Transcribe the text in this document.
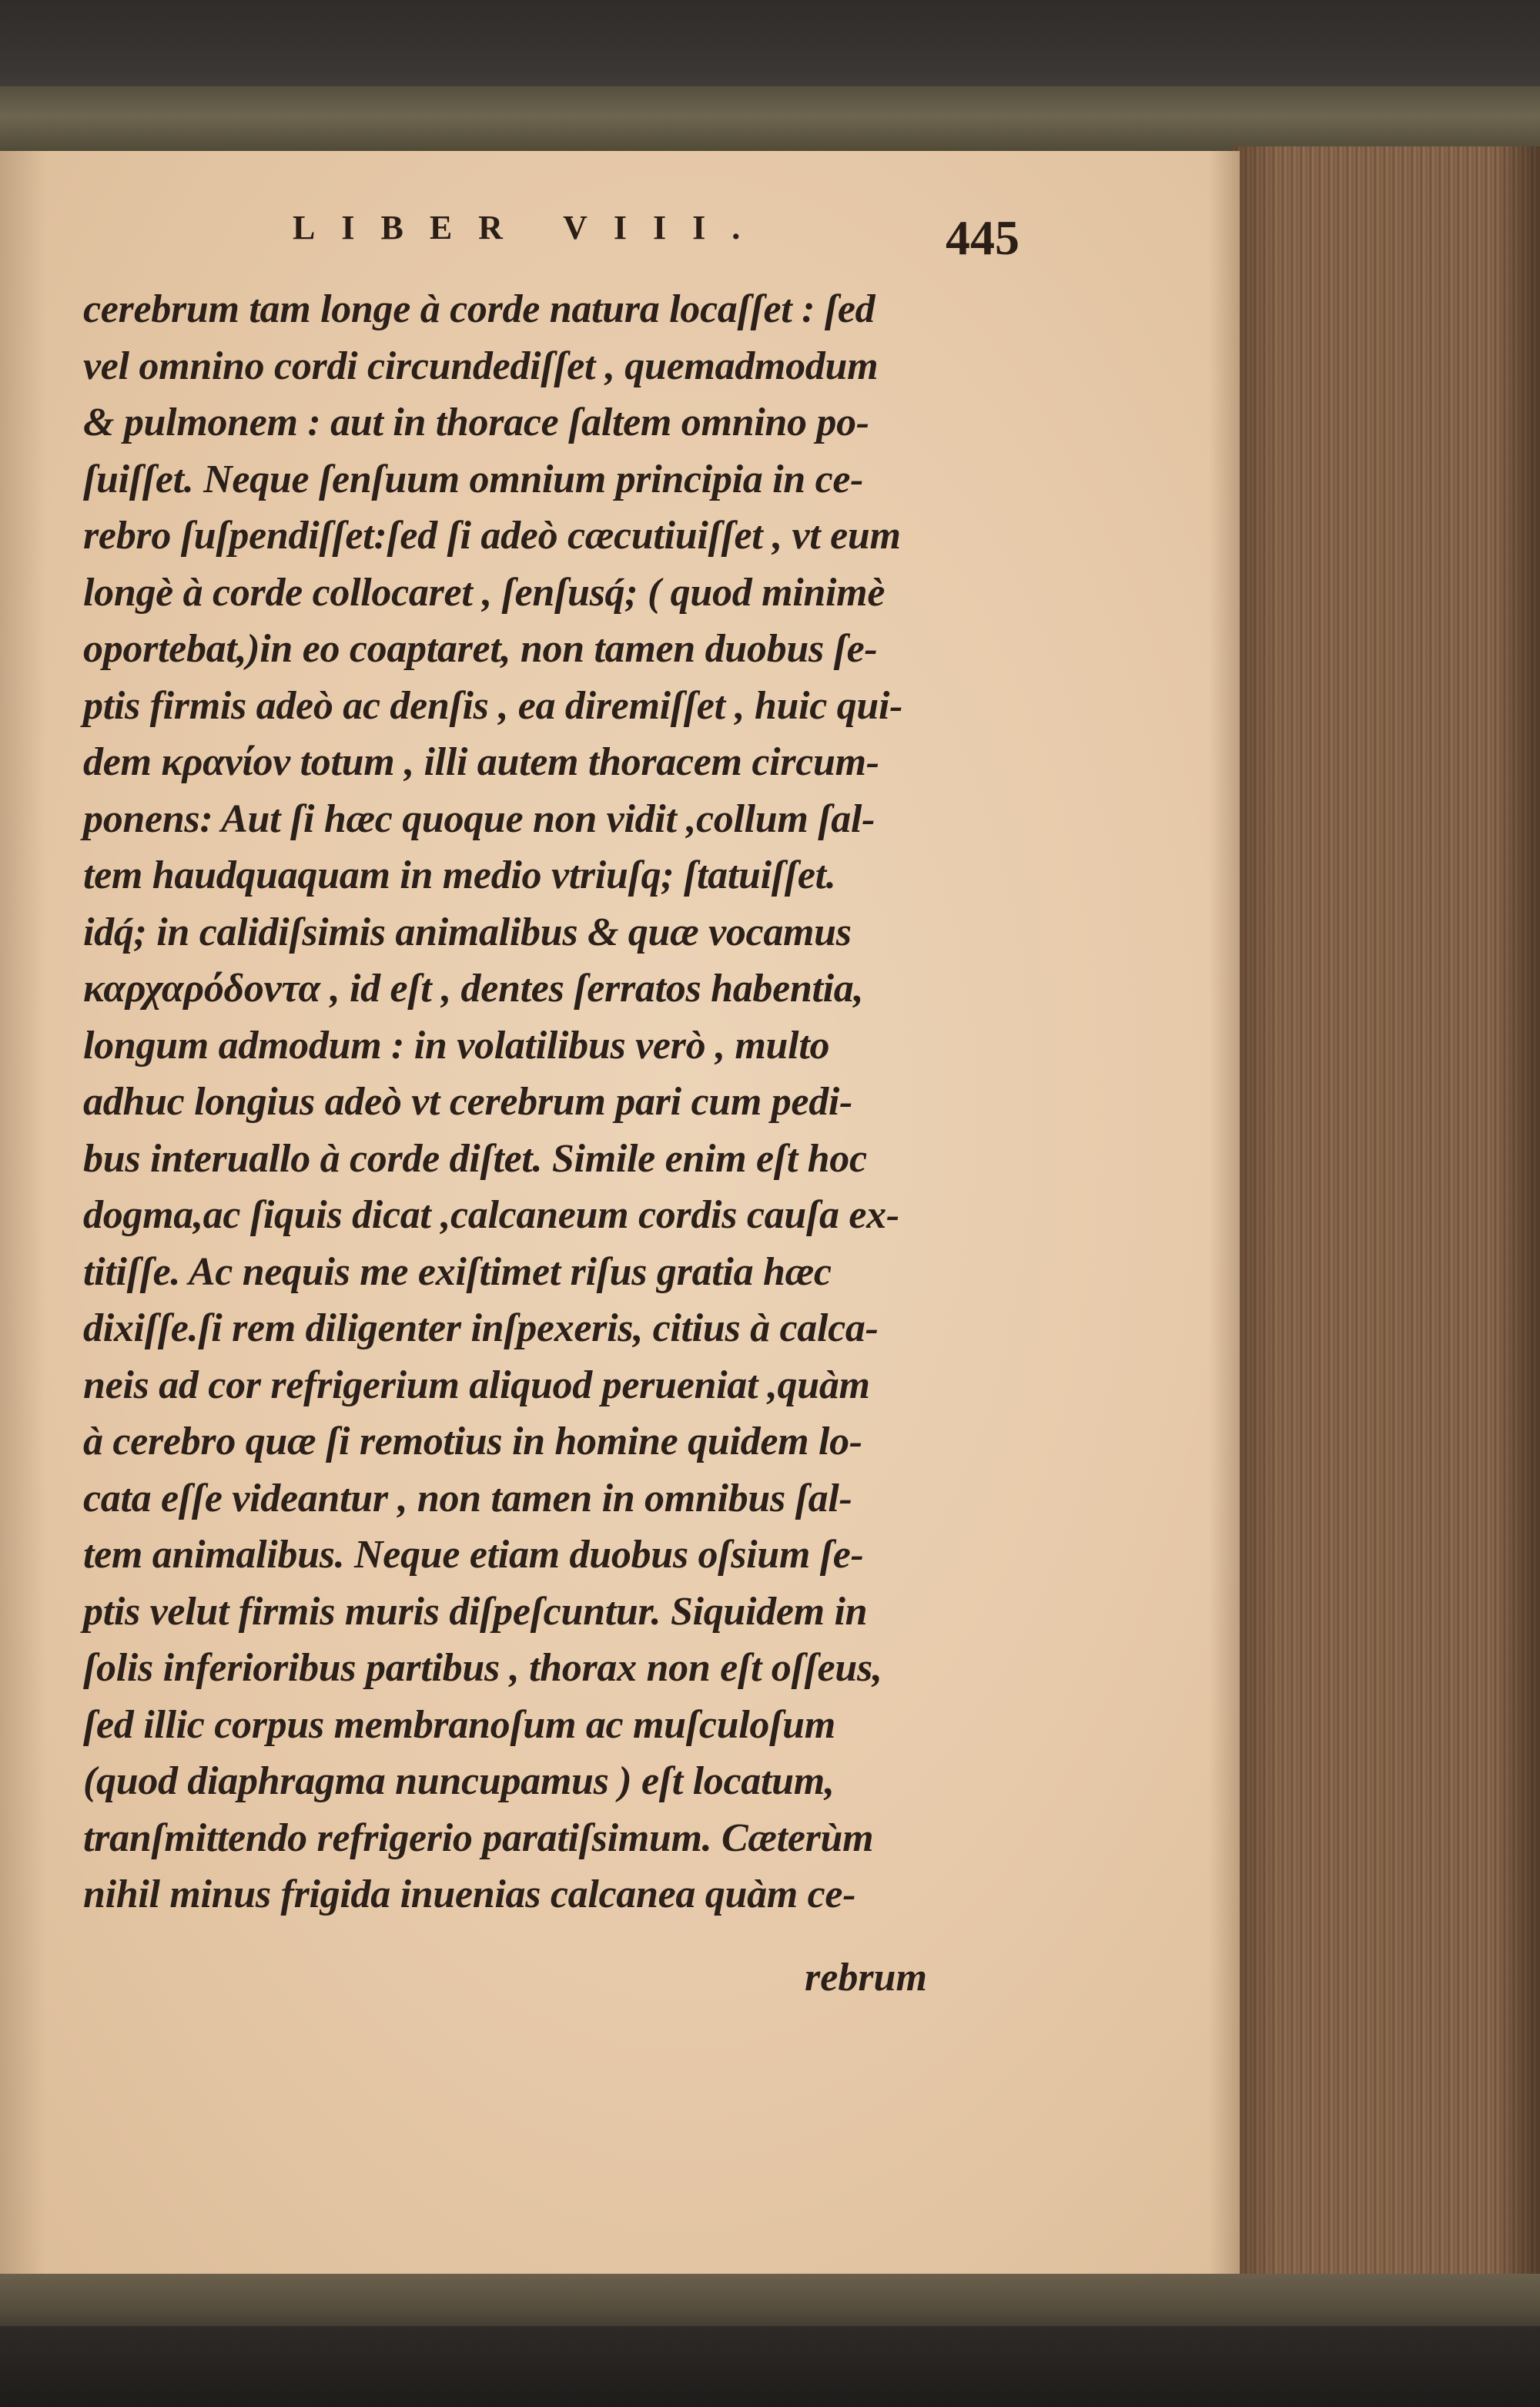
LIBER VIII.	445
cerebrum tam longe à corde natura locaſſet : ſed
vel omnino cordi circundediſſet , quemadmodum
& pulmonem : aut in thorace ſaltem omnino po-
ſuiſſet. Neque ſenſuum omnium principia in ce-
rebro ſuſpendiſſet:ſed ſi adeò cæcutiuiſſet , vt eum
longè à corde collocaret , ſenſusq́; ( quod minimè
oportebat,)in eo coaptaret, non tamen duobus ſe-
ptis firmis adeò ac denſis , ea diremiſſet , huic qui-
dem κρανίον totum , illi autem thoracem circum-
ponens: Aut ſi hæc quoque non vidit ,collum ſal-
tem haudquaquam in medio vtriuſq; ſtatuiſſet.
idq́; in calidiſsimis animalibus & quæ vocamus
καρχαρόδοντα , id eſt , dentes ſerratos habentia,
longum admodum : in volatilibus verò , multo
adhuc longius adeò vt cerebrum pari cum pedi-
bus interuallo à corde diſtet. Simile enim eſt hoc
dogma,ac ſiquis dicat ,calcaneum cordis cauſa ex-
titiſſe. Ac nequis me exiſtimet riſus gratia hæc
dixiſſe.ſi rem diligenter inſpexeris, citius à calca-
neis ad cor refrigerium aliquod perueniat ,quàm
à cerebro quæ ſi remotius in homine quidem lo-
cata eſſe videantur , non tamen in omnibus ſal-
tem animalibus. Neque etiam duobus oſsium ſe-
ptis velut firmis muris diſpeſcuntur. Siquidem in
ſolis inferioribus partibus , thorax non eſt oſſeus,
ſed illic corpus membranoſum ac muſculoſum
(quod diaphragma nuncupamus ) eſt locatum,
tranſmittendo refrigerio paratiſsimum. Cæterùm
nihil minus frigida inuenias calcanea quàm ce-
rebrum
